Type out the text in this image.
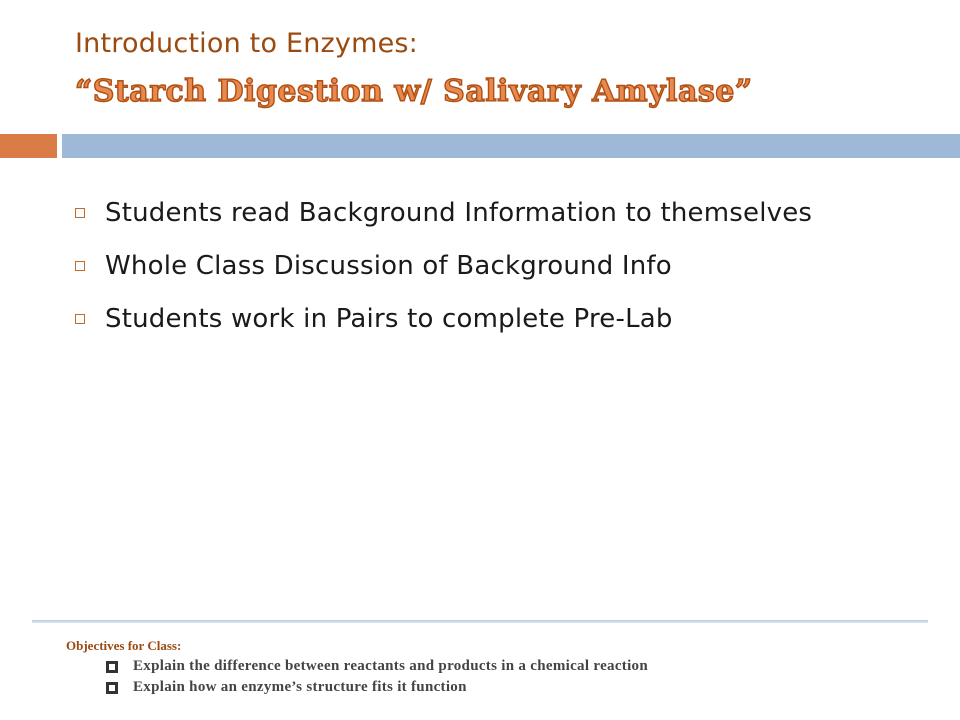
Introduction to Enzymes:
“Starch Digestion w/ Salivary Amylase”
Students read Background Information to themselves
Whole Class Discussion of Background Info
Students work in Pairs to complete Pre-Lab
Objectives for Class:
Explain the difference between reactants and products in a chemical reaction
Explain how an enzyme’s structure fits it function
